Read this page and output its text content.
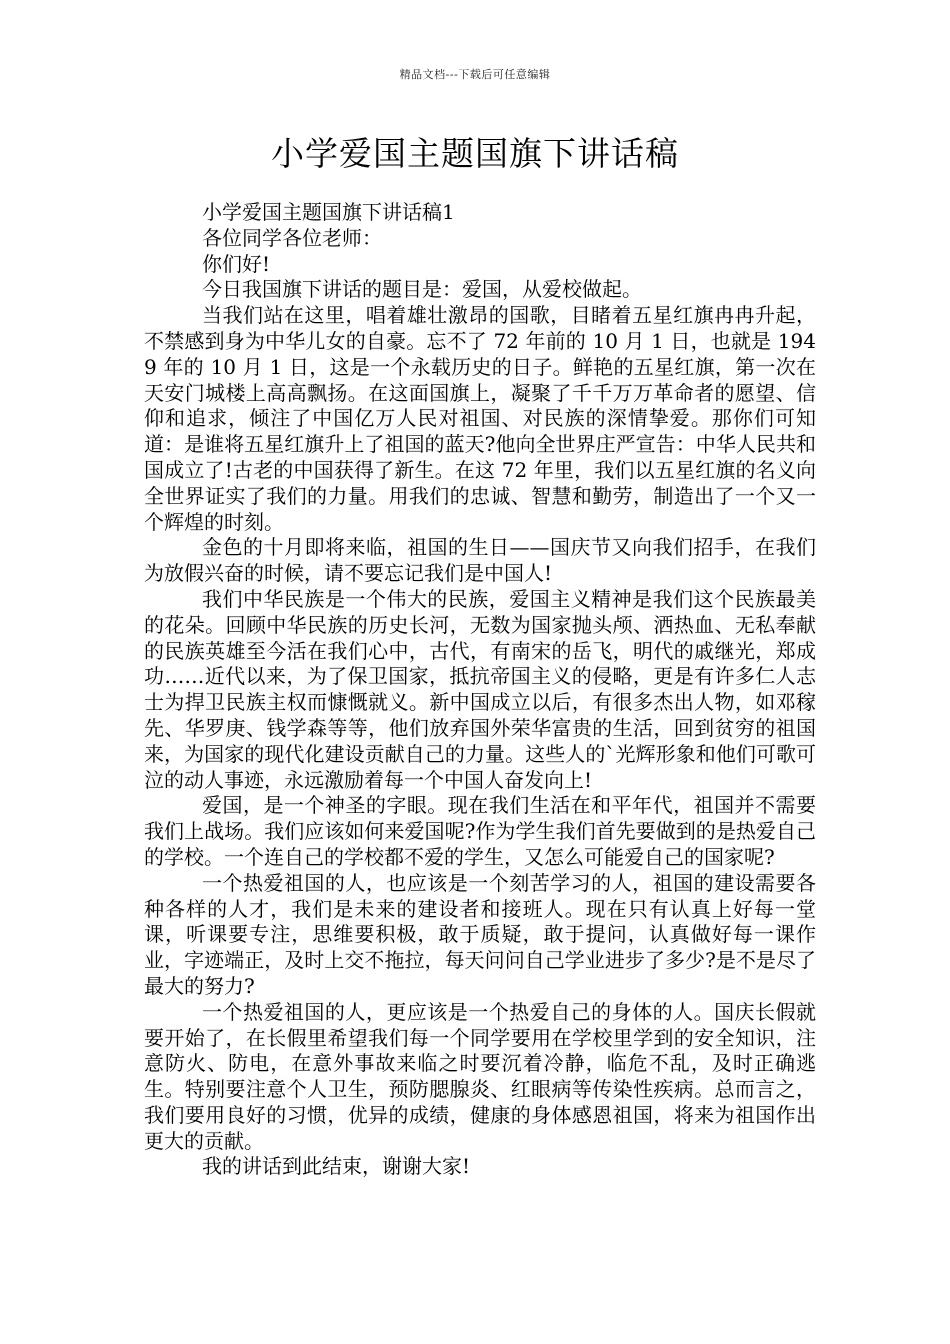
精品文档---下载后可任意编辑
小学爱国主题国旗下讲话稿

小学爱国主题国旗下讲话稿1

各位同学各位老师：

你们好!

今日我国旗下讲话的题目是：爱国，从爱校做起。

当我们站在这里，唱着雄壮激昂的国歌，目睹着五星红旗冉冉升起，不禁感到身为中华儿女的自豪。忘不了 72 年前的 10 月 1 日，也就是 1949 年的 10 月 1 日，这是一个永载历史的日子。鲜艳的五星红旗，第一次在天安门城楼上高高飘扬。在这面国旗上，凝聚了千千万万革命者的愿望、信仰和追求，倾注了中国亿万人民对祖国、对民族的深情挚爱。那你们可知道：是谁将五星红旗升上了祖国的蓝天?他向全世界庄严宣告：中华人民共和国成立了!古老的中国获得了新生。在这 72 年里，我们以五星红旗的名义向全世界证实了我们的力量。用我们的忠诚、智慧和勤劳，制造出了一个又一个辉煌的时刻。

金色的十月即将来临，祖国的生日——国庆节又向我们招手，在我们为放假兴奋的时候，请不要忘记我们是中国人!

我们中华民族是一个伟大的民族，爱国主义精神是我们这个民族最美的花朵。回顾中华民族的历史长河，无数为国家抛头颅、洒热血、无私奉献的民族英雄至今活在我们心中，古代，有南宋的岳飞，明代的戚继光，郑成功……近代以来，为了保卫国家，抵抗帝国主义的侵略，更是有许多仁人志士为捍卫民族主权而慷慨就义。新中国成立以后，有很多杰出人物，如邓稼先、华罗庚、钱学森等等，他们放弃国外荣华富贵的生活，回到贫穷的祖国来，为国家的现代化建设贡献自己的力量。这些人的`光辉形象和他们可歌可泣的动人事迹，永远激励着每一个中国人奋发向上!

爱国，是一个神圣的字眼。现在我们生活在和平年代，祖国并不需要我们上战场。我们应该如何来爱国呢?作为学生我们首先要做到的是热爱自己的学校。一个连自己的学校都不爱的学生，又怎么可能爱自己的国家呢?

一个热爱祖国的人，也应该是一个刻苦学习的人，祖国的建设需要各种各样的人才，我们是未来的建设者和接班人。现在只有认真上好每一堂课，听课要专注，思维要积极，敢于质疑，敢于提问，认真做好每一课作业，字迹端正，及时上交不拖拉，每天问问自己学业进步了多少?是不是尽了最大的努力?

一个热爱祖国的人，更应该是一个热爱自己的身体的人。国庆长假就要开始了，在长假里希望我们每一个同学要用在学校里学到的安全知识，注意防火、防电，在意外事故来临之时要沉着冷静，临危不乱，及时正确逃生。特别要注意个人卫生，预防腮腺炎、红眼病等传染性疾病。总而言之，我们要用良好的习惯，优异的成绩，健康的身体感恩祖国，将来为祖国作出更大的贡献。

我的讲话到此结束，谢谢大家!
